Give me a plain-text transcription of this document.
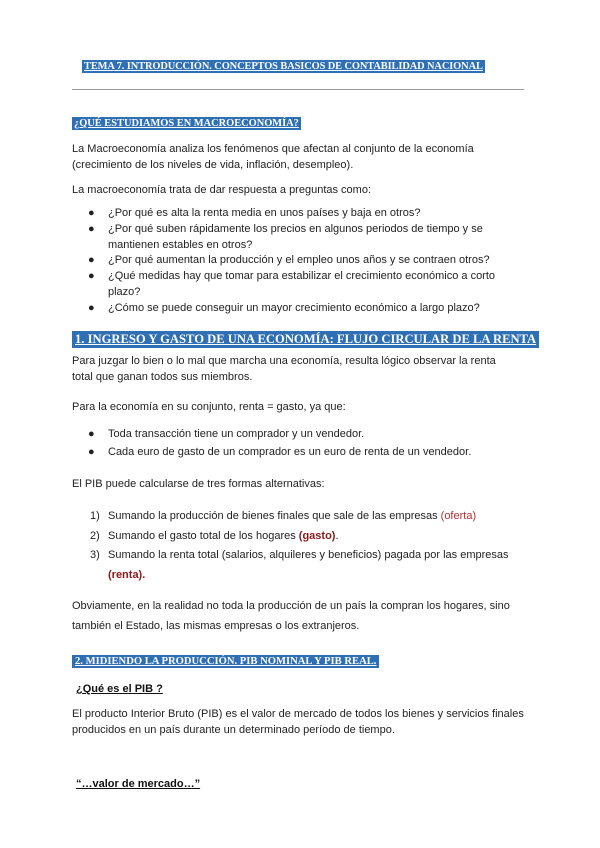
TEMA 7. INTRODUCCIÓN. CONCEPTOS BASICOS DE CONTABILIDAD NACIONAL
¿QUÉ ESTUDIAMOS EN MACROECONOMÍA?
La Macroeconomía analiza los fenómenos que afectan al conjunto de la economía (crecimiento de los niveles de vida, inflación, desempleo).
La macroeconomía trata de dar respuesta a preguntas como:
● ¿Por qué es alta la renta media en unos países y baja en otros?
● ¿Por qué suben rápidamente los precios en algunos periodos de tiempo y se mantienen estables en otros?
● ¿Por qué aumentan la producción y el empleo unos años y se contraen otros?
● ¿Qué medidas hay que tomar para estabilizar el crecimiento económico a corto plazo?
● ¿Cómo se puede conseguir un mayor crecimiento económico a largo plazo?
1. INGRESO Y GASTO DE UNA ECONOMÍA: FLUJO CIRCULAR DE LA RENTA
Para juzgar lo bien o lo mal que marcha una economía, resulta lógico observar la renta total que ganan todos sus miembros.
Para la economía en su conjunto, renta = gasto, ya que:
● Toda transacción tiene un comprador y un vendedor.
● Cada euro de gasto de un comprador es un euro de renta de un vendedor.
El PIB puede calcularse de tres formas alternativas:
1) Sumando la producción de bienes finales que sale de las empresas (oferta)
2) Sumando el gasto total de los hogares (gasto).
3) Sumando la renta total (salarios, alquileres y beneficios) pagada por las empresas (renta).
Obviamente, en la realidad no toda la producción de un país la compran los hogares, sino también el Estado, las mismas empresas o los extranjeros.
2. MIDIENDO LA PRODUCCIÓN. PIB NOMINAL Y PIB REAL.
¿Qué es el PIB ?
El producto Interior Bruto (PIB) es el valor de mercado de todos los bienes y servicios finales producidos en un país durante un determinado período de tiempo.
“…valor de mercado…”
